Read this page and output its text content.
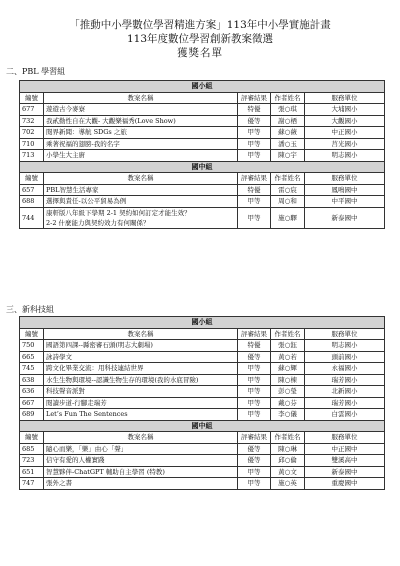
「推動中小學數位學習精進方案」113年中小學實施計畫
113年度數位學習創新教案徵選
獲獎名單
二、PBL 學習組
國小組				
編號	教案名稱	評審結果	作者姓名	服務單位
677	遊遊古今麥寮	特優	張○琪	大埔國小
732	我貳勤性自在大觀- 大觀樂福秀(Love Show)	優等	謝○栖	大觀國小
702	閱界新聞：導航 SDGs 之旅	甲等	蘇○薇	中正國小
710	乘著祝福的翅膀-我的名字	甲等	潘○玉	莒光國小
713	小學生大主廚	甲等	陳○宇	明志國小
國中組				
編號	教案名稱	評審結果	作者姓名	服務單位
657	PBL智慧生活專家	特優	雷○宸	鳳鳴國中
688	選擇與責任-以公平貿易為例	甲等	周○和	中平國中
744	康軒版八年級下學期 2-1 契約如何訂定才能生效？
2-2 什麼能力與契約效力有何關係？	甲等	施○驛	新泰國中
三、新科技組
國小組				
編號	教案名稱	評審結果	作者姓名	服務單位
750	國語第四課--縣密審石頭(明志大劇場)	特優	張○鈺	明志國小
665	詠詩學文	優等	黃○若	頭前國小
745	跨文化畢業交流：用科技連結世界	甲等	蘇○輝	永福國小
638	水生生物與環境--認識生物生存的環境(我的水底冒險)	甲等	陳○棟	瑞芳國小
636	科技聲音派對	甲等	彭○瑩	北新國小
667	閱讀步道-行腳走瑞芳	甲等	戴○芬	瑞芳國小
689	Let’s Fun The Sentences	甲等	李○儀	白雲國小
國中組				
編號	教案名稱	評審結果	作者姓名	服務單位
685	隨心而樂，「樂」由心「聲」	優等	陳○琳	中正國中
723	信守有愛的人權實踐	優等	邱○倫	雙溪高中
651	智慧夥伴-ChatGPT 輔助自主學習 (特教)	甲等	黃○文	新泰國中
747	張外之書	甲等	施○英	重慶國中
